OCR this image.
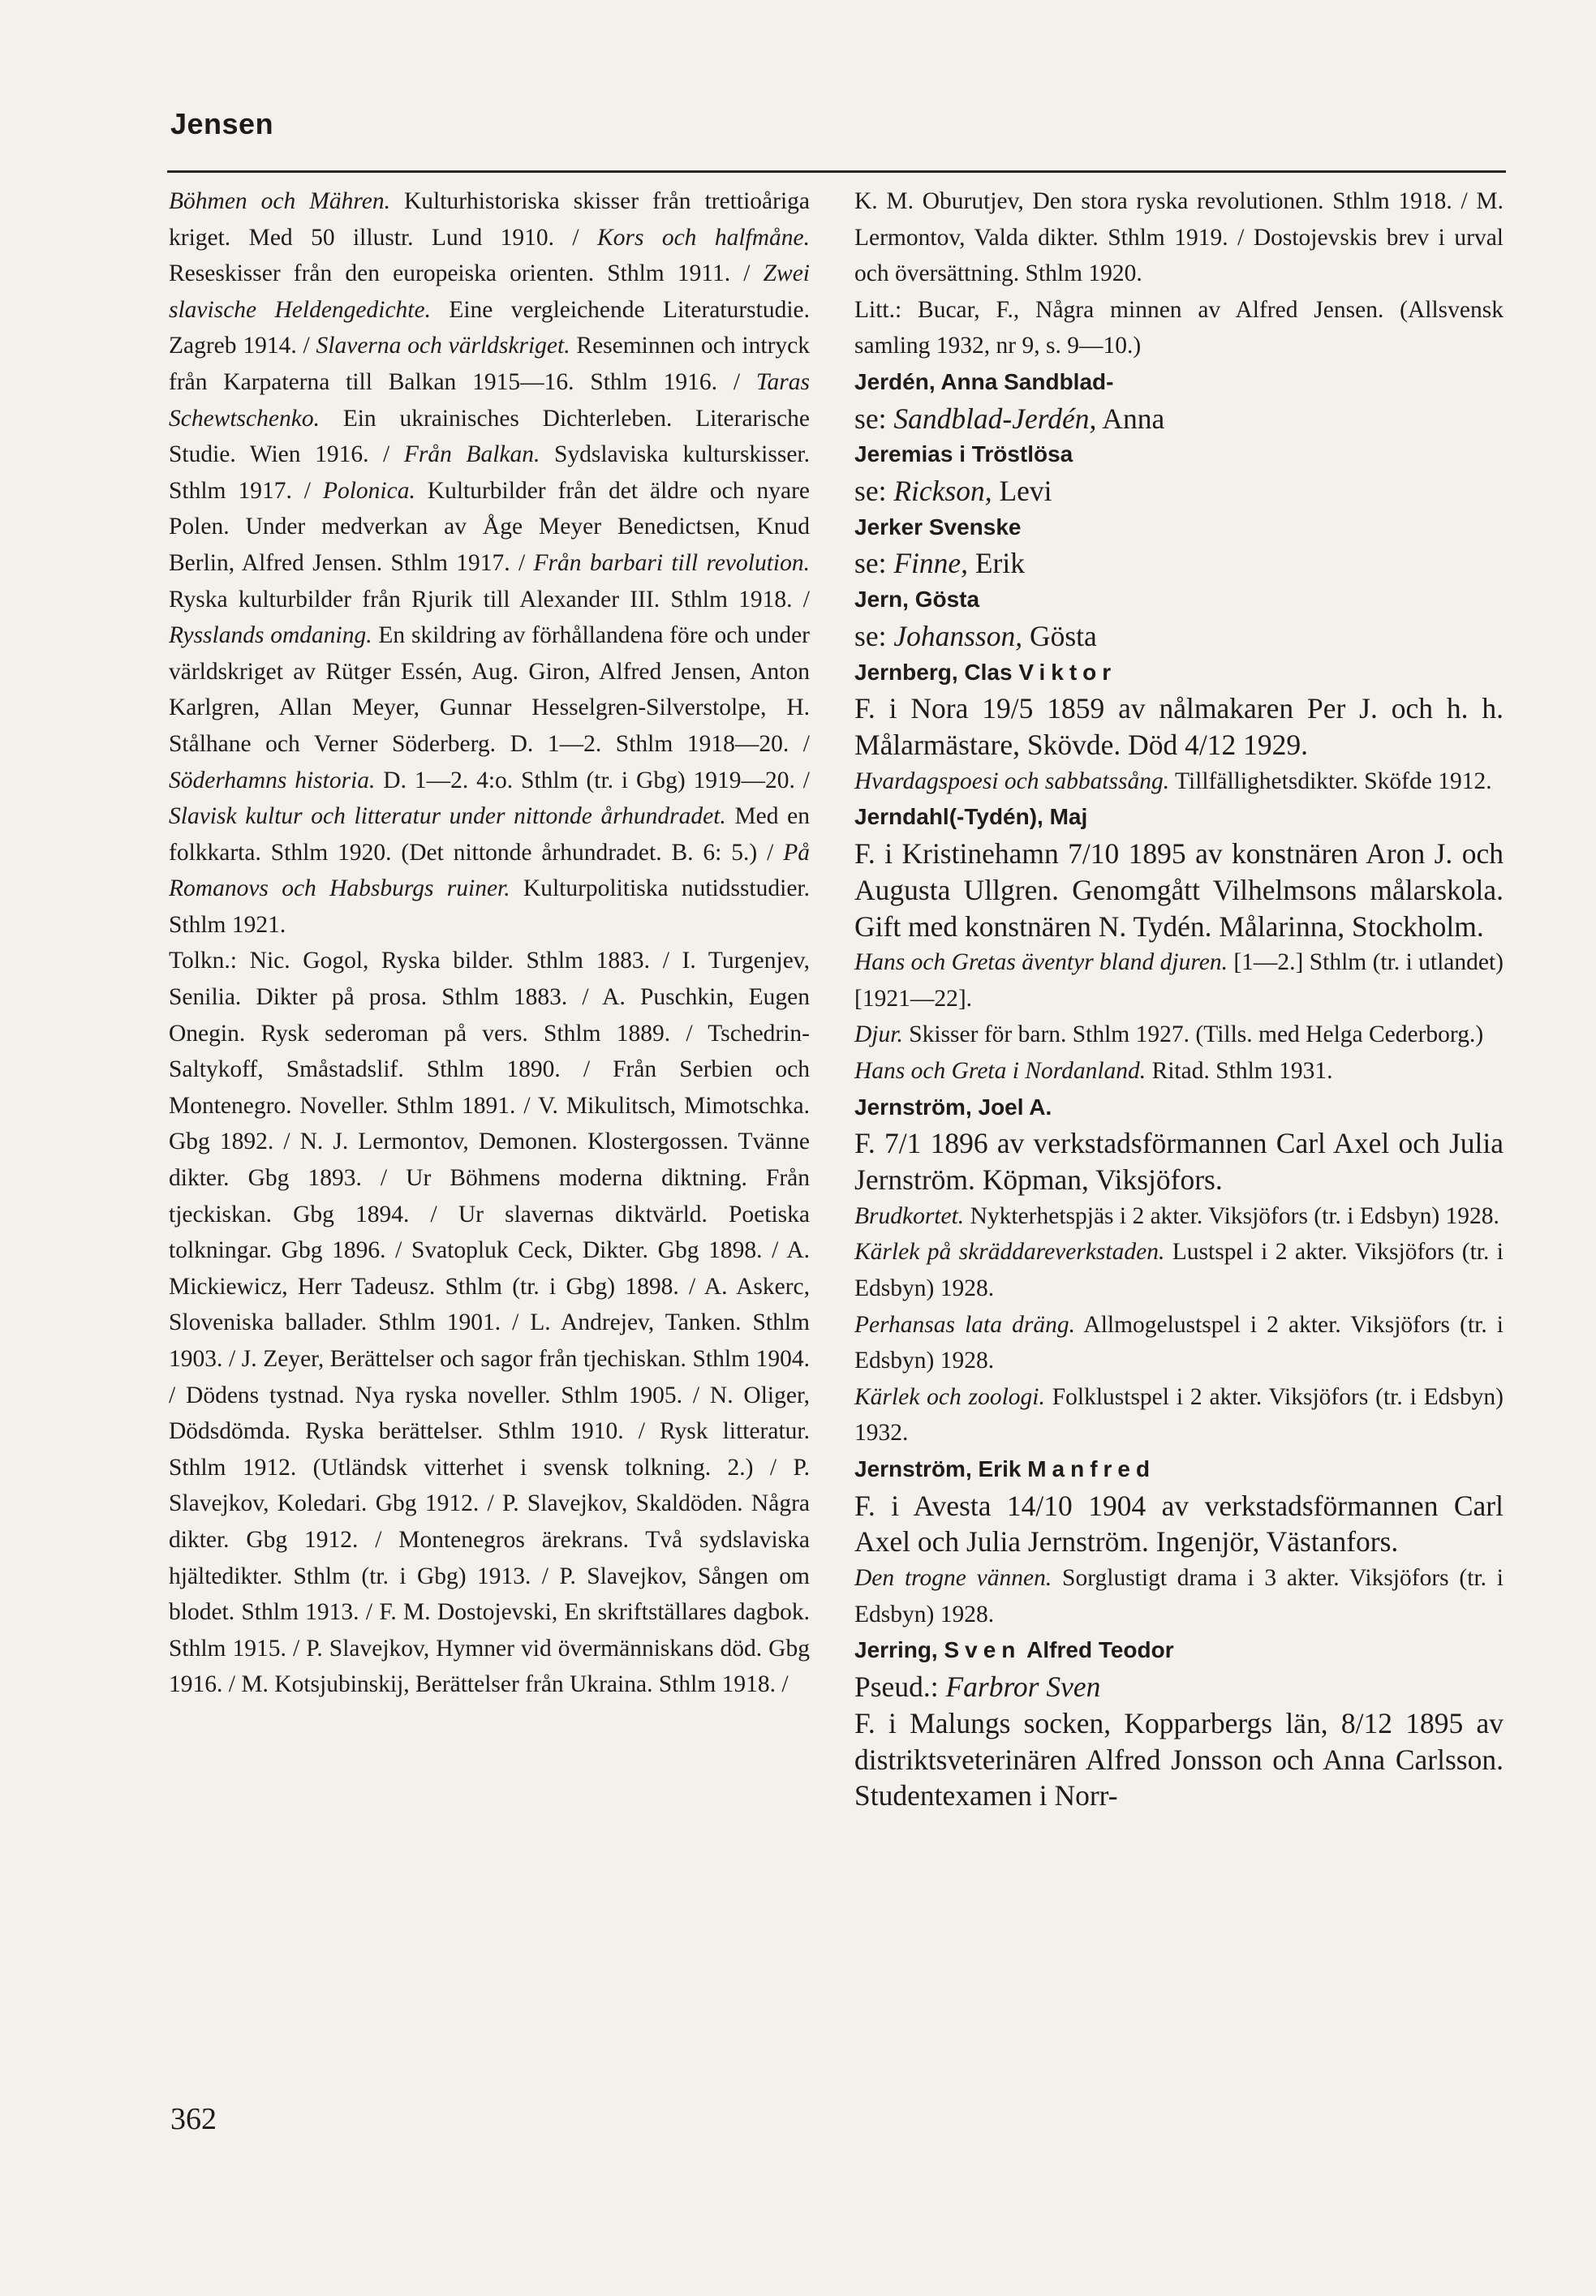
Jensen

Böhmen och Mähren. Kulturhistoriska skisser från trettioåriga kriget. Med 50 illustr. Lund 1910. / Kors och halfmåne. Reseskisser från den europeiska orienten. Sthlm 1911. / Zwei slavische Heldengedichte. Eine vergleichende Literaturstudie. Zagreb 1914. / Slaverna och världskriget. Reseminnen och intryck från Karpaterna till Balkan 1915—16. Sthlm 1916. / Taras Schewtschenko. Ein ukrainisches Dichterleben. Literarische Studie. Wien 1916. / Från Balkan. Sydslaviska kulturskisser. Sthlm 1917. / Polonica. Kulturbilder från det äldre och nyare Polen. Under medverkan av Åge Meyer Benedictsen, Knud Berlin, Alfred Jensen. Sthlm 1917. / Från barbari till revolution. Ryska kulturbilder från Rjurik till Alexander III. Sthlm 1918. / Rysslands omdaning. En skildring av förhållandena före och under världskriget av Rütger Essén, Aug. Giron, Alfred Jensen, Anton Karlgren, Allan Meyer, Gunnar Hesselgren-Silverstolpe, H. Stålhane och Verner Söderberg. D. 1—2. Sthlm 1918—20. / Söderhamns historia. D. 1—2. 4:o. Sthlm (tr. i Gbg) 1919—20. / Slavisk kultur och litteratur under nittonde århundradet. Med en folkkarta. Sthlm 1920. (Det nittonde århundradet. B. 6: 5.) / På Romanovs och Habsburgs ruiner. Kulturpolitiska nutidsstudier. Sthlm 1921.

Tolkn.: Nic. Gogol, Ryska bilder. Sthlm 1883. / I. Turgenjev, Senilia. Dikter på prosa. Sthlm 1883. / A. Puschkin, Eugen Onegin. Rysk sederoman på vers. Sthlm 1889. / Tschedrin-Saltykoff, Småstadslif. Sthlm 1890. / Från Serbien och Montenegro. Noveller. Sthlm 1891. / V. Mikulitsch, Mimotschka. Gbg 1892. / N. J. Lermontov, Demonen. Klostergossen. Tvänne dikter. Gbg 1893. / Ur Böhmens moderna diktning. Från tjeckiskan. Gbg 1894. / Ur slavernas diktvärld. Poetiska tolkningar. Gbg 1896. / Svatopluk Ceck, Dikter. Gbg 1898. / A. Mickiewicz, Herr Tadeusz. Sthlm (tr. i Gbg) 1898. / A. Askerc, Sloveniska ballader. Sthlm 1901. / L. Andrejev, Tanken. Sthlm 1903. / J. Zeyer, Berättelser och sagor från tjechiskan. Sthlm 1904. / Dödens tystnad. Nya ryska noveller. Sthlm 1905. / N. Oliger, Dödsdömda. Ryska berättelser. Sthlm 1910. / Rysk litteratur. Sthlm 1912. (Utländsk vitterhet i svensk tolkning. 2.) / P. Slavejkov, Koledari. Gbg 1912. / P. Slavejkov, Skaldöden. Några dikter. Gbg 1912. / Montenegros ärekrans. Två sydslaviska hjältedikter. Sthlm (tr. i Gbg) 1913. / P. Slavejkov, Sången om blodet. Sthlm 1913. / F. M. Dostojevski, En skriftställares dagbok. Sthlm 1915. / P. Slavejkov, Hymner vid övermänniskans död. Gbg 1916. / M. Kotsjubinskij, Berättelser från Ukraina. Sthlm 1918. /

K. M. Oburutjev, Den stora ryska revolutionen. Sthlm 1918. / M. Lermontov, Valda dikter. Sthlm 1919. / Dostojevskis brev i urval och översättning. Sthlm 1920.

Litt.: Bucar, F., Några minnen av Alfred Jensen. (Allsvensk samling 1932, nr 9, s. 9—10.)

Jerdén, Anna Sandblad-

se: Sandblad-Jerdén, Anna

Jeremias i Tröstlösa

se: Rickson, Levi

Jerker Svenske

se: Finne, Erik

Jern, Gösta

se: Johansson, Gösta

Jernberg, Clas Viktor

F. i Nora 19/5 1859 av nålmakaren Per J. och h. h. Målarmästare, Skövde. Död 4/12 1929.

Hvardagspoesi och sabbatssång. Tillfällighetsdikter. Sköfde 1912.

Jerndahl(-Tydén), Maj

F. i Kristinehamn 7/10 1895 av konstnären Aron J. och Augusta Ullgren. Genomgått Vilhelmsons målarskola. Gift med konstnären N. Tydén. Målarinna, Stockholm.

Hans och Gretas äventyr bland djuren. [1—2.] Sthlm (tr. i utlandet) [1921—22].

Djur. Skisser för barn. Sthlm 1927. (Tills. med Helga Cederborg.)

Hans och Greta i Nordanland. Ritad. Sthlm 1931.

Jernström, Joel A.

F. 7/1 1896 av verkstadsförmannen Carl Axel och Julia Jernström. Köpman, Viksjöfors.

Brudkortet. Nykterhetspjäs i 2 akter. Viksjöfors (tr. i Edsbyn) 1928.

Kärlek på skräddareverkstaden. Lustspel i 2 akter. Viksjöfors (tr. i Edsbyn) 1928.

Perhansas lata dräng. Allmogelustspel i 2 akter. Viksjöfors (tr. i Edsbyn) 1928.

Kärlek och zoologi. Folklustspel i 2 akter. Viksjöfors (tr. i Edsbyn) 1932.

Jernström, Erik Manfred

F. i Avesta 14/10 1904 av verkstadsförmannen Carl Axel och Julia Jernström. Ingenjör, Västanfors.

Den trogne vännen. Sorglustigt drama i 3 akter. Viksjöfors (tr. i Edsbyn) 1928.

Jerring, Sven Alfred Teodor

Pseud.: Farbror Sven

F. i Malungs socken, Kopparbergs län, 8/12 1895 av distriktsveterinären Alfred Jonsson och Anna Carlsson. Studentexamen i Norr-

362
